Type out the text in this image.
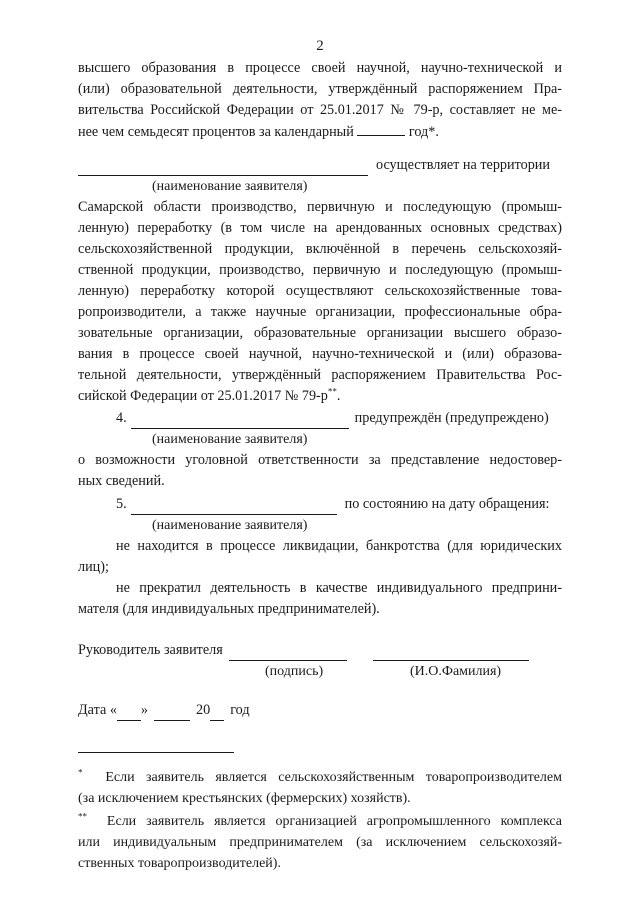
2
высшего образования в процессе своей научной, научно-технической и
(или) образовательной деятельности, утверждённый распоряжением Пра-
вительства Российской Федерации от 25.01.2017 № 79-р, составляет не ме-
нее чем семьдесят процентов за календарный	год*.
осуществляет на территории
(наименование заявителя)
Самарской области производство, первичную и последующую (промыш-
ленную) переработку (в том числе на арендованных основных средствах)
сельскохозяйственной продукции, включённой в перечень сельскохозяй-
ственной продукции, производство, первичную и последующую (промыш-
ленную) переработку которой осуществляют сельскохозяйственные това-
ропроизводители, а также научные организации, профессиональные обра-
зовательные организации, образовательные организации высшего образо-
вания в процессе своей научной, научно-технической и (или) образова-
тельной деятельности, утверждённый распоряжением Правительства Рос-
сийской Федерации от 25.01.2017 № 79-р**.
4.	предупреждён (предупреждено)
(наименование заявителя)
о возможности уголовной ответственности за представление недостовер-
ных сведений.
5.	по состоянию на дату обращения:
(наименование заявителя)
не находится в процессе ликвидации, банкротства (для юридических
лиц);
не прекратил деятельность в качестве индивидуального предприни-
мателя (для индивидуальных предпринимателей).
Руководитель заявителя
(подпись)	(И.О.Фамилия)
Дата « »	20 год
* Если заявитель является сельскохозяйственным товаропроизводителем
(за исключением крестьянских (фермерских) хозяйств).
** Если заявитель является организацией агропромышленного комплекса
или индивидуальным предпринимателем (за исключением сельскохозяй-
ственных товаропроизводителей).
